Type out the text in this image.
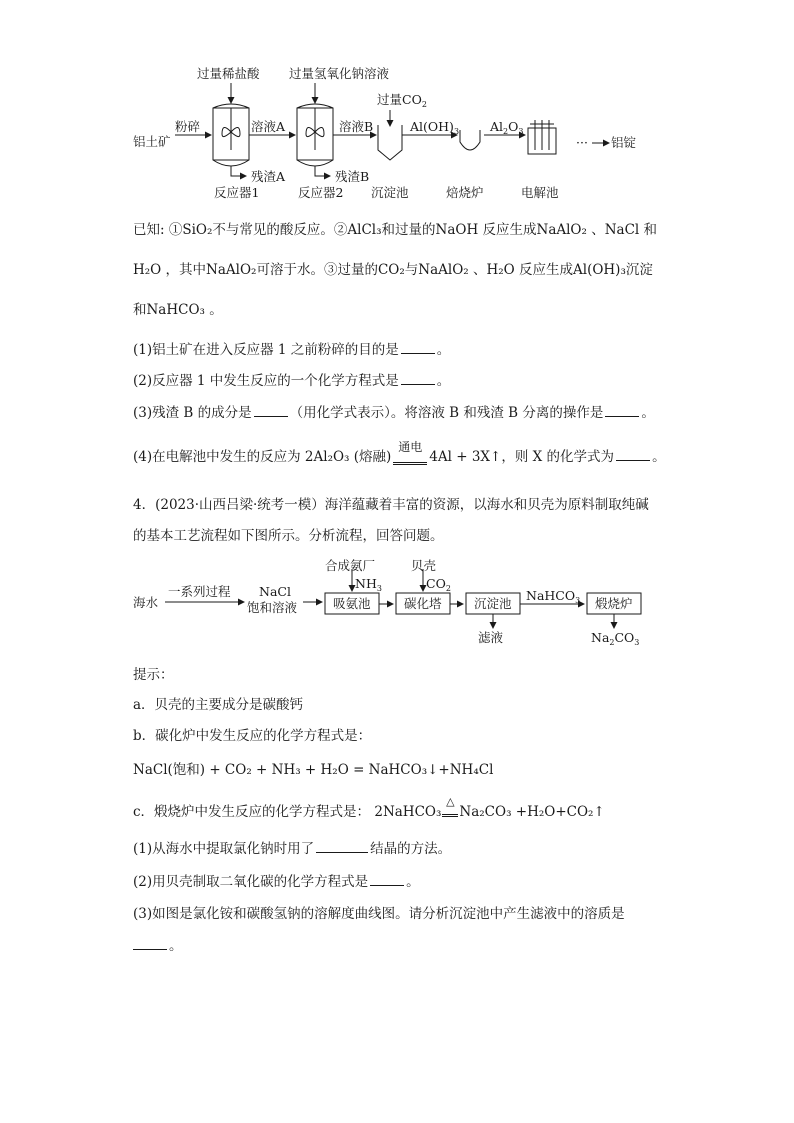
过量稀盐酸 过量氢氧化钠溶液
过量$CO_2$
铝土矿
粉碎	溶液A	溶液B	$Al(OH)_3$ $Al_2O_3$
··· 铝锭
残渣A	残渣B
反应器1	反应器2 沉淀池	焙烧炉	电解池
已知: ①SiO₂不与常见的酸反应。②AlCl₃和过量的NaOH 反应生成NaAlO₂ 、NaCl 和
H₂O ，其中NaAlO₂可溶于水。③过量的CO₂与NaAlO₂ 、H₂O 反应生成Al(OH)₃沉淀
和NaHCO₃ 。
(1)铝土矿在进入反应器 1 之前粉碎的目的是	。
(2)反应器 1 中发生反应的一个化学方程式是	。
(3)残渣 B 的成分是	（用化学式表示）。将溶液 B 和残渣 B 分离的操作是	。
(4)在电解池中发生的反应为 2Al₂O₃ (熔融)通电4Al + 3X↑，则 X 的化学式为	。
4．(2023·山西吕梁·统考一模）海洋蕴藏着丰富的资源，以海水和贝壳为原料制取纯碱
的基本工艺流程如下图所示。分析流程，回答问题。
合成氨厂
$NH_3$
贝壳
$CO_2$
海水
一系列过程 NaCl
饱和溶液	吸氨池	碳化塔	沉淀池
NaHCO$_3$ 煅烧炉
滤液	$Na_2CO_3$
提示：
a．贝壳的主要成分是碳酸钙
b．碳化炉中发生反应的化学方程式是：
NaCl(饱和) + CO₂ + NH₃ + H₂O = NaHCO₃↓+NH₄Cl
c．煅烧炉中发生反应的化学方程式是： 2NaHCO₃△Na₂CO₃ +H₂O+CO₂↑
(1)从海水中提取氯化钠时用了	结晶的方法。
(2)用贝壳制取二氧化碳的化学方程式是	。
(3)如图是氯化铵和碳酸氢钠的溶解度曲线图。请分析沉淀池中产生滤液中的溶质是
。
